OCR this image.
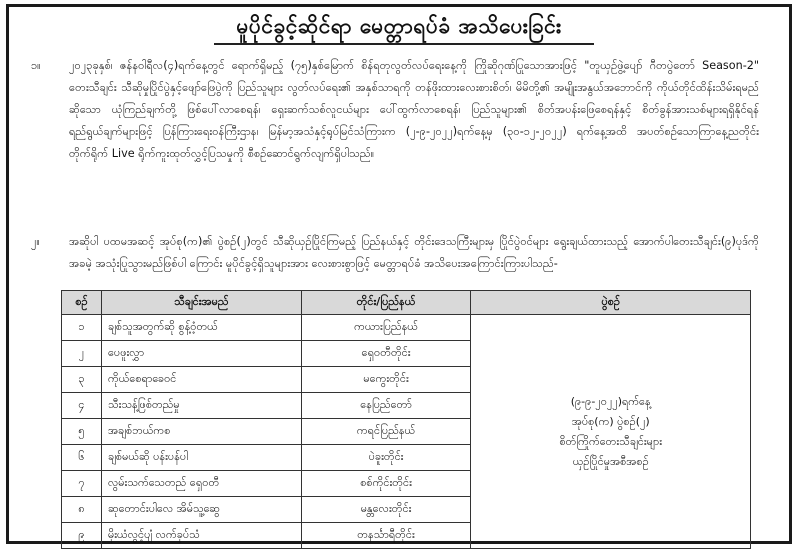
မူပိုင်ခွင့်ဆိုင်ရာ မေတ္တာရပ်ခံ အသိပေးခြင်း
၁။	၂၀၂၃ခုနှစ်၊ ဇန်နဝါရီလ(၄)ရက်နေ့တွင် ရောက်ရှိမည့် (၇၅)နှစ်မြောက် စိန်ရတုလွတ်လပ်ရေးနေ့ကို ကြိုဆိုဂုဏ်ပြုသောအားဖြင့် "တူယှဉ်ဖွဲ့ပျော် ဂီတပွဲတော် Season-2" တေးသီချင်း သီဆိုမှုပြိုင်ပွဲနှင့်ဖျော်ဖြေပွဲကို ပြည်သူများ လွတ်လပ်ရေး၏ အနှစ်သာရကို တန်ဖိုးထားလေးစားစိတ်၊ မိမိတို့၏ အမျိုးအနွယ်အဘောင်ကို ကိုယ်တိုင်ထိန်းသိမ်းရမည်ဆိုသော ယုံကြည်ချက်တို့ ဖြစ်ပေါ်လာစေရန်၊ ရှေးဆက်သစ်လူငယ်များ ပေါ်ထွက်လာစေရန်၊ ပြည်သူများ၏ စိတ်အပန်းဖြေစေရန်နှင့် စိတ်ခွန်အားသစ်များရရှိနိုင်ရန် ရည်ရွယ်ချက်များဖြင့် ပြန်ကြားရေးဝန်ကြီးဌာန၊ မြန်မာ့အသံနှင့်ရုပ်မြင်သံကြားက (၂-၉-၂၀၂၂)ရက်နေ့မှ (၃၀-၁၂-၂၀၂၂) ရက်နေ့အထိ အပတ်စဉ်သောကြာနေ့ညတိုင်း တိုက်ရိုက် Live ရိုက်ကူးထုတ်လွှင့်ပြသမှုကို စီစဉ်ဆောင်ရွက်လျက်ရှိပါသည်။
၂။	အဆိုပါ ပထမအဆင့် အုပ်စု(က)၏ ပွဲစဉ်(၂)တွင် သီဆိုယှဉ်ပြိုင်ကြမည့် ပြည်နယ်နှင့် တိုင်းဒေသကြီးများမှ ပြိုင်ပွဲဝင်များ ရွေးချယ်ထားသည့် အောက်ပါတေးသီချင်း(၉)ပုဒ်ကို အခမဲ့ အသုံးပြုသွားမည်ဖြစ်ပါ ကြောင်း မူပိုင်ခွင့်ရှိသူများအား လေးစားစွာဖြင့် မေတ္တာရပ်ခံ အသိပေးအကြောင်းကြားပါသည်-
စဉ်	သီချင်းအမည်	တိုင်း/ပြည်နယ်	ပွဲစဉ်
၁	ချစ်သူအတွက်ဆို စွန့်ဝံ့တယ်	ကယားပြည်နယ်	(၉-၉-၂၀၂၂)ရက်နေ့
အုပ်စု(က) ပွဲစဉ်(၂)
စိတ်ကြိုက်တေးသီချင်းများ
ယှဉ်ပြိုင်မှုအစီအစဉ်

၂	ပေဖူးလွှာ	ရှေဝတီတိုင်း	
၃	ကိုယ်စေရာခေဝင်	မကွေးတိုင်း	
၄	သီးသန့်ဖြစ်တည်မှု	နေပြည်တော်	
၅	အချစ်ဘယ်ကစ	ကရင်ပြည်နယ်	
၆	ချစ်မယ်ဆို ပန်းပန်ပါ	ပဲခူးတိုင်း	
၇	လွမ်းသက်သေတည် ရှေဝတီ	စစ်ကိုင်းတိုင်း	
၈	ဆုတောင်းပါလေ အိမ်သူ့ဆွေ	မန္တလေးတိုင်း	
၉	မိုးယံလွင့်ပျံ လက်ခုပ်သံ	တနင်္သာရီတိုင်း	
